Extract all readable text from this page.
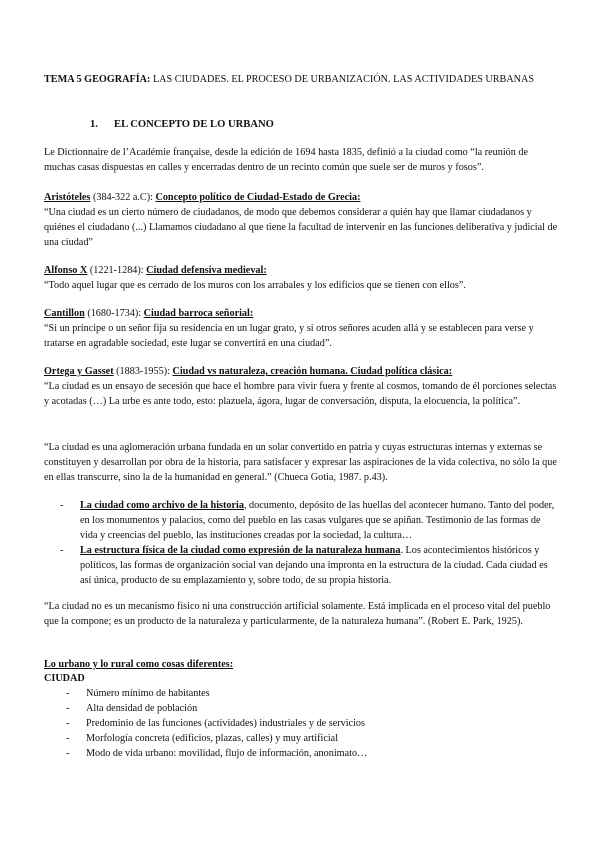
TEMA 5 GEOGRAFÍA: LAS CIUDADES. EL PROCESO DE URBANIZACIÓN. LAS ACTIVIDADES URBANAS

1. EL CONCEPTO DE LO URBANO

Le Dictionnaire de l’Académie française, desde la edición de 1694 hasta 1835, definió a la ciudad como “la reunión de muchas casas dispuestas en calles y encerradas dentro de un recinto común que suele ser de muros y fosos”.

Aristóteles (384-322 a.C): Concepto político de Ciudad-Estado de Grecia:
“Una ciudad es un cierto número de ciudadanos, de modo que debemos considerar a quién hay que llamar ciudadanos y quiénes el ciudadano (...) Llamamos ciudadano al que tiene la facultad de intervenir en las funciones deliberativa y judicial de una ciudad”

Alfonso X (1221-1284): Ciudad defensiva medieval:
“Todo aquel lugar que es cerrado de los muros con los arrabales y los edificios que se tienen con ellos”.

Cantillon (1680-1734): Ciudad barroca señorial:
“Si un príncipe o un señor fija su residencia en un lugar grato, y si otros señores acuden allá y se establecen para verse y tratarse en agradable sociedad, este lugar se convertirá en una ciudad”.

Ortega y Gasset (1883-1955): Ciudad vs naturaleza, creación humana. Ciudad política clásica:
“La ciudad es un ensayo de secesión que hace el hombre para vivir fuera y frente al cosmos, tomando de él porciones selectas y acotadas (…) La urbe es ante todo, esto: plazuela, ágora, lugar de conversación, disputa, la elocuencia, la política”.

“La ciudad es una aglomeración urbana fundada en un solar convertido en patria y cuyas estructuras internas y externas se constituyen y desarrollan por obra de la historia, para satisfacer y expresar las aspiraciones de la vida colectiva, no sólo la que en ellas transcurre, sino la de la humanidad en general.” (Chueca Gotia, 1987. p.43).

- La ciudad como archivo de la historia, documento, depósito de las huellas del acontecer humano. Tanto del poder, en los monumentos y palacios, como del pueblo en las casas vulgares que se apiñan. Testimonio de las formas de vida y creencias del pueblo, las instituciones creadas por la sociedad, la cultura…
- La estructura física de la ciudad como expresión de la naturaleza humana. Los acontecimientos históricos y políticos, las formas de organización social van dejando una impronta en la estructura de la ciudad. Cada ciudad es así única, producto de su emplazamiento y, sobre todo, de su propia historia.

“La ciudad no es un mecanismo físico ni una construcción artificial solamente. Está implicada en el proceso vital del pueblo que la compone; es un producto de la naturaleza y particularmente, de la naturaleza humana”. (Robert E. Park, 1925).

Lo urbano y lo rural como cosas diferentes:

CIUDAD

- Número mínimo de habitantes
- Alta densidad de población
- Predominio de las funciones (actividades) industriales y de servicios
- Morfología concreta (edificios, plazas, calles) y muy artificial
- Modo de vida urbano: movilidad, flujo de información, anonimato…
